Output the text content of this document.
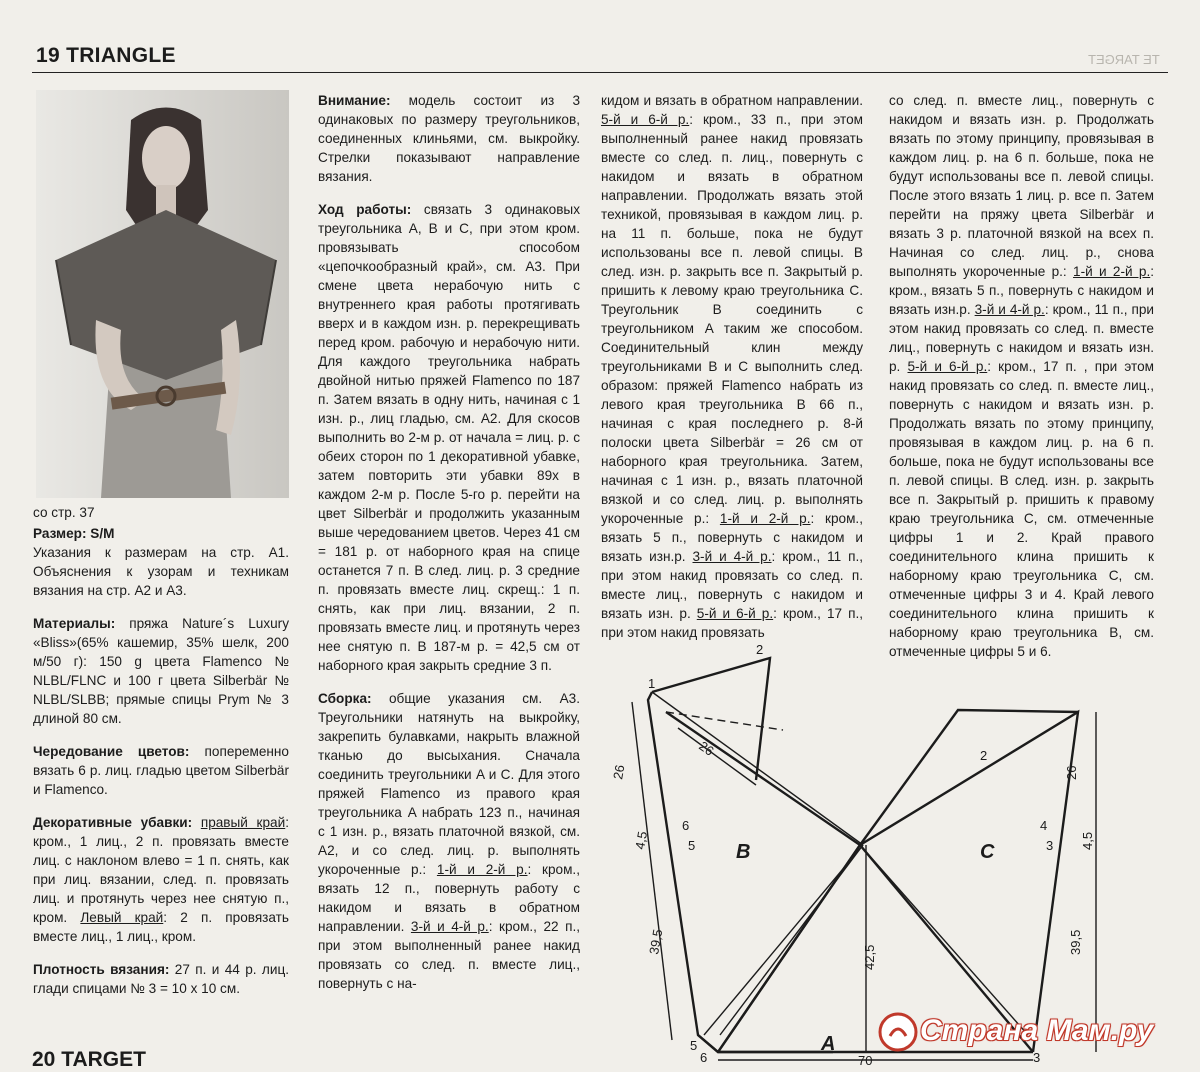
19 TRIANGLE	TE TARGET

со стр. 37

Размер: S/M

Указания к размерам на стр. A1. Объяснения к узорам и техникам вязания на стр. A2 и A3.

Материалы: пряжа Nature´s Luxury «Bliss»(65% кашемир, 35% шелк, 200 м/50 г): 150 g цвета Flamenco № NLBL/FLNC и 100 г цвета Silberbär № NLBL/SLBB; прямые спицы Prym № 3 длиной 80 см.

Чередование цветов: попеременно вязать 6 р. лиц. гладью цветом Silberbär и Flamenco.

Декоративные убавки: правый край: кром., 1 лиц., 2 п. провязать вместе лиц. с наклоном влево = 1 п. снять, как при лиц. вязании, след. п. провязать лиц. и протянуть через нее снятую п., кром. Левый край: 2 п. провязать вместе лиц., 1 лиц., кром.

Плотность вязания: 27 п. и 44 р. лиц. глади спицами № 3 = 10 х 10 см.

Внимание: модель состоит из 3 одинаковых по размеру треугольников, соединенных клиньями, см. выкройку. Стрелки показывают направление вязания.

Ход работы: связать 3 одинаковых треугольника A, B и C, при этом кром. провязывать способом «цепочкообразный край», см. A3. При смене цвета нерабочую нить с внутреннего края работы протягивать вверх и в каждом изн. р. перекрещивать перед кром. рабочую и нерабочую нити. Для каждого треугольника набрать двойной нитью пряжей Flamenco по 187 п. Затем вязать в одну нить, начиная с 1 изн. р., лиц гладью, см. A2. Для скосов выполнить во 2-м р. от начала = лиц. р. с обеих сторон по 1 декоративной убавке, затем повторить эти убавки 89х в каждом 2-м р. После 5-го р. перейти на цвет Silberbär и продолжить указанным выше чередованием цветов. Через 41 см = 181 р. от наборного края на спице останется 7 п. В след. лиц. р. 3 средние п. провязать вместе лиц. скрещ.: 1 п. снять, как при лиц. вязании, 2 п. провязать вместе лиц. и протянуть через нее снятую п. В 187-м р. = 42,5 см от наборного края закрыть средние 3 п.

Сборка: общие указания см. A3. Треугольники натянуть на выкройку, закрепить булавками, накрыть влажной тканью до высыхания. Сначала соединить треугольники A и C. Для этого пряжей Flamenco из правого края треугольника A набрать 123 п., начиная с 1 изн. р., вязать платочной вязкой, см. A2, и со след. лиц. р. выполнять укороченные р.: 1-й и 2-й р.: кром., вязать 12 п., повернуть работу с накидом и вязать в обратном направлении. 3-й и 4-й р.: кром., 22 п., при этом выполненный ранее накид провязать со след. п. вместе лиц., повернуть с на-

кидом и вязать в обратном направлении. 5-й и 6-й р.: кром., 33 п., при этом выполненный ранее накид провязать вместе со след. п. лиц., повернуть с накидом и вязать в обратном направлении. Продолжать вязать этой техникой, провязывая в каждом лиц. р. на 11 п. больше, пока не будут использованы все п. левой спицы. В след. изн. р. закрыть все п. Закрытый р. пришить к левому краю треугольника C. Треугольник B соединить с треугольником A таким же способом. Соединительный клин между треугольниками B и C выполнить след. образом: пряжей Flamenco набрать из левого края треугольника B 66 п., начиная с края последнего р. 8-й полоски цвета Silberbär = 26 см от наборного края треугольника. Затем, начиная с 1 изн. р., вязать платочной вязкой и со след. лиц. р. выполнять укороченные р.: 1-й и 2-й р.: кром., вязать 5 п., повернуть с накидом и вязать изн.р. 3-й и 4-й р.: кром., 11 п., при этом накид провязать со след. п. вместе лиц., повернуть с накидом и вязать изн. р. 5-й и 6-й р.: кром., 17 п., при этом накид провязать

со след. п. вместе лиц., повернуть с накидом и вязать изн. р. Продолжать вязать по этому принципу, провязывая в каждом лиц. р. на 6 п. больше, пока не будут использованы все п. левой спицы. После этого вязать 1 лиц. р. все п. Затем перейти на пряжу цвета Silberbär и вязать 3 р. платочной вязкой на всех п. Начиная со след. лиц. р., снова выполнять укороченные р.: 1-й и 2-й р.: кром., вязать 5 п., повернуть с накидом и вязать изн.р. 3-й и 4-й р.: кром., 11 п., при этом накид провязать со след. п. вместе лиц., повернуть с накидом и вязать изн. р. 5-й и 6-й р.: кром., 17 п. , при этом накид провязать со след. п. вместе лиц., повернуть с накидом и вязать изн. р. Продолжать вязать по этому принципу, провязывая в каждом лиц. р. на 6 п. больше, пока не будут использованы все п. левой спицы. В след. изн. р. закрыть все п. Закрытый р. пришить к правому краю треугольника C, см. отмеченные цифры 1 и 2. Край правого соединительного клина пришить к наборному краю треугольника C, см. отмеченные цифры 3 и 4. Край левого соединительного клина пришить к наборному краю треугольника B, см. отмеченные цифры 5 и 6.

A
B	C
26
26
4,5
39,5
42,5
26
4,5
39,5
70
1
2
6
5
5
6
4
3
2
3
20 TARGET
Страна Мам.ру
